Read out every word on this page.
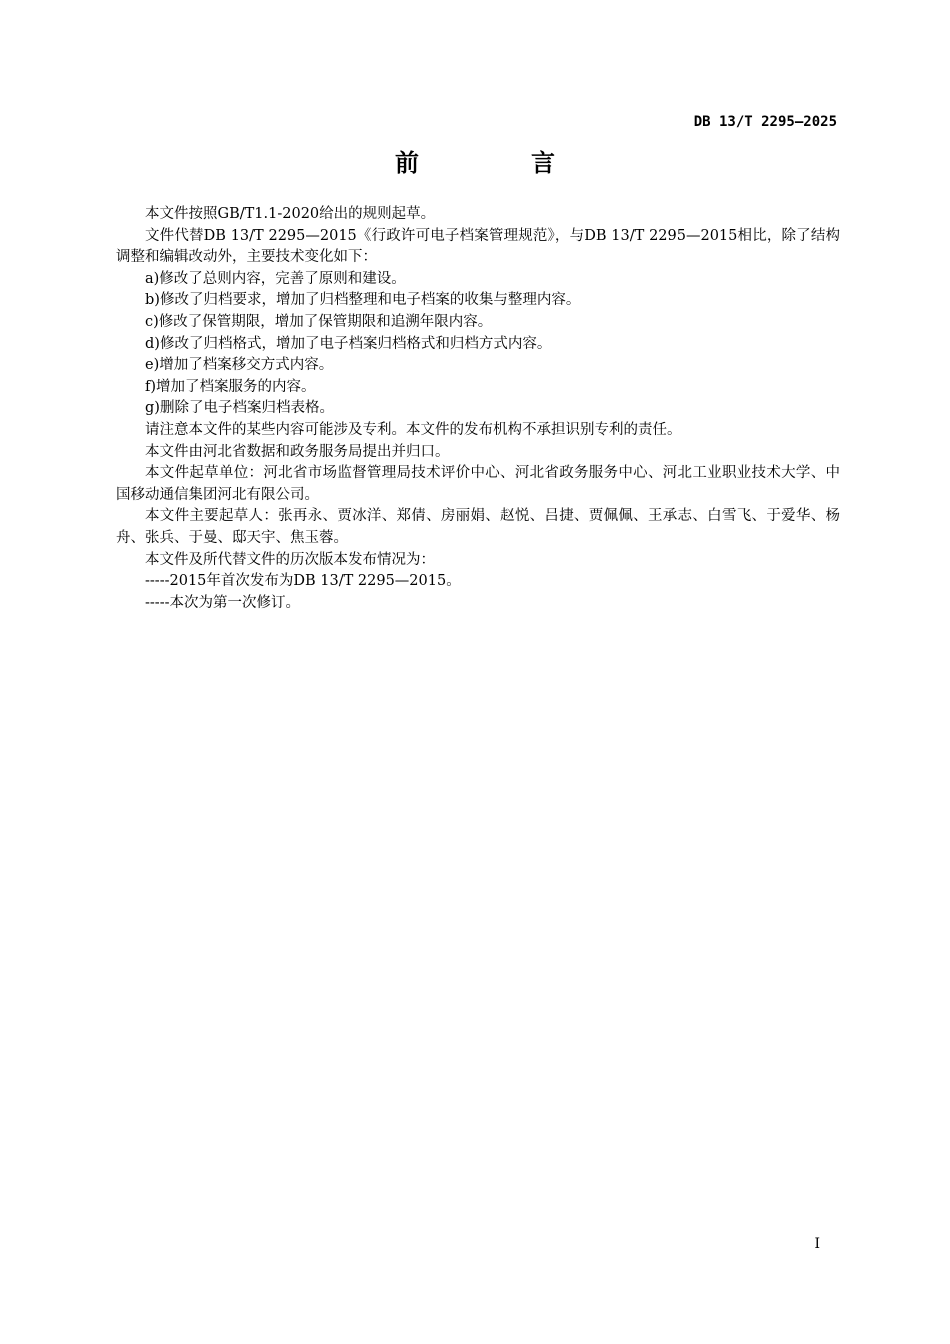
DB 13/T 2295—2025
前　言

本文件按照GB/T1.1-2020给出的规则起草。

文件代替DB 13/T 2295—2015《行政许可电子档案管理规范》，与DB 13/T 2295—2015相比，除了结构调整和编辑改动外，主要技术变化如下：

a)修改了总则内容，完善了原则和建设。

b)修改了归档要求，增加了归档整理和电子档案的收集与整理内容。

c)修改了保管期限，增加了保管期限和追溯年限内容。

d)修改了归档格式，增加了电子档案归档格式和归档方式内容。

e)增加了档案移交方式内容。

f)增加了档案服务的内容。

g)删除了电子档案归档表格。

请注意本文件的某些内容可能涉及专利。本文件的发布机构不承担识别专利的责任。

本文件由河北省数据和政务服务局提出并归口。

本文件起草单位：河北省市场监督管理局技术评价中心、河北省政务服务中心、河北工业职业技术大学、中国移动通信集团河北有限公司。

本文件主要起草人：张再永、贾冰洋、郑倩、房丽娟、赵悦、吕捷、贾佩佩、王承志、白雪飞、于爱华、杨舟、张兵、于曼、邸天宇、焦玉蓉。

本文件及所代替文件的历次版本发布情况为：

-----2015年首次发布为DB 13/T 2295—2015。

-----本次为第一次修订。

I
